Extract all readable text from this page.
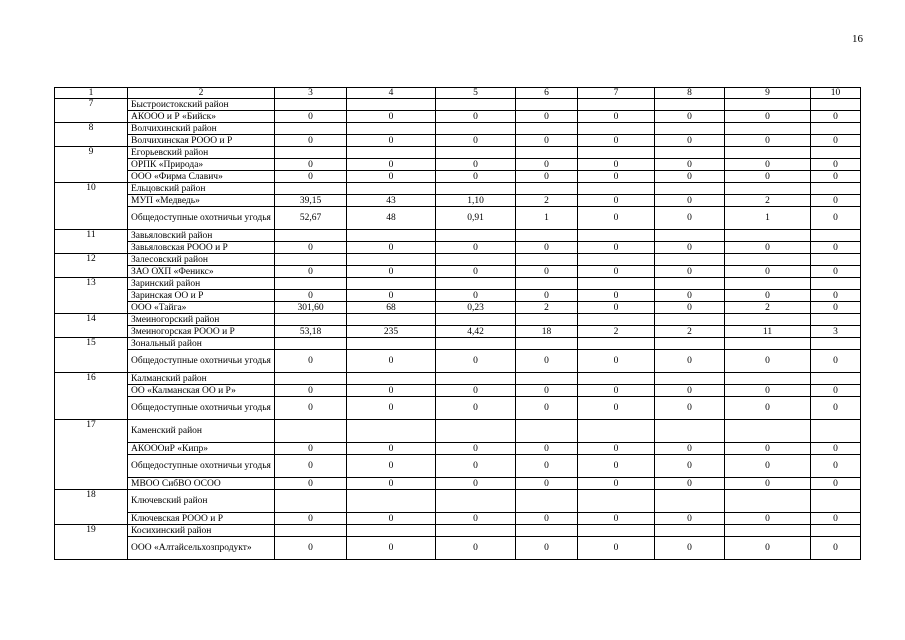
16
1	2	3	4	5	6	7	8	9	10
7	Быстроистокский район								
	АКООО и Р «Бийск»	0	0	0	0	0	0	0	0
8	Волчихинский район								
	Волчихинская РООО и Р	0	0	0	0	0	0	0	0
9	Егорьевский район								
	ОРПК «Природа»	0	0	0	0	0	0	0	0
	ООО «Фирма Славич»	0	0	0	0	0	0	0	0
10	Ельцовский район								
	МУП «Медведь»	39,15	43	1,10	2	0	0	2	0
	Общедоступные охотничьи угодья	52,67	48	0,91	1	0	0	1	0
11	Завьяловский район								
	Завьяловская РООО и Р	0	0	0	0	0	0	0	0
12	Залесовский район								
	ЗАО ОХП «Феникс»	0	0	0	0	0	0	0	0
13	Заринский район								
	Заринская ОО и Р	0	0	0	0	0	0	0	0
	ООО «Тайга»	301,60	68	0,23	2	0	0	2	0
14	Змеиногорский район								
	Змеиногорская РООО и Р	53,18	235	4,42	18	2	2	11	3
15	Зональный район								
	Общедоступные охотничьи угодья	0	0	0	0	0	0	0	0
16	Калманский район								
	ОО «Калманская ОО и Р»	0	0	0	0	0	0	0	0
	Общедоступные охотничьи угодья	0	0	0	0	0	0	0	0
17	Каменский район								
	АКОООиР «Кипр»	0	0	0	0	0	0	0	0
	Общедоступные охотничьи угодья	0	0	0	0	0	0	0	0
	МВОО СибВО ОСОО	0	0	0	0	0	0	0	0
18	Ключевский район								
	Ключевская РООО и Р	0	0	0	0	0	0	0	0
19	Косихинский район								
	ООО «Алтайсельхозпродукт»	0	0	0	0	0	0	0	0
